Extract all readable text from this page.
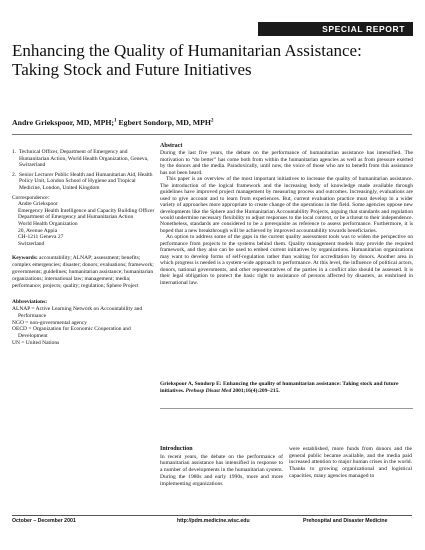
SPECIAL REPORT
Enhancing the Quality of Humanitarian Assistance: Taking Stock and Future Initiatives
Andre Griekspoor, MD, MPH;$^1$ Egbert Sondorp, MD, MPH$^2$
1. Technical Officer, Department of Emergency and Humanitarian Action, World Health Organization, Geneva, Switzerland
2. Senior Lecturer Public Health and Humanitarian Aid, Health Policy Unit, London School of Hygiene and Tropical Medicine, London, United Kingdom
Correspondence:
Andre Griekspoor
Emergency Health Intelligence and Capacity Building Officer
Department of Emergency and Humanitarian Action
World Health Organization
20, Avenue Appia
CH-1211 Geneva 27
Switzerland
Keywords: accountability; ALNAP; assessment; benefits; complex emergencies; disaster; donors; evaluations; framework; governments; guidelines; humanitarian assistance; humanitarian organizations; international law; management; media; performance; projects; quality; regulation; Sphere Project
Abbreviations:
ALNAP = Active Learning Network on Accountability and Performance
NGO = non-governmental agency
OECD = Organization for Economic Cooperation and Development
UN = United Nations
Abstract

During the last five years, the debate on the performance of humanitarian assistance has intensified. The motivation to “do better” has come both from within the humanitarian agencies as well as from pressure exerted by the donors and the media. Paradoxically, until now, the voice of those who are to benefit from this assistance has not been heard.

This paper is an overview of the most important initiatives to increase the quality of humanitarian assistance. The introduction of the logical framework and the increasing body of knowledge made available through guidelines have improved project management by measuring process and outcomes. Increasingly, evaluations are used to give account and to learn from experiences. But, current evaluation practice must develop in a wider variety of approaches more appropriate to create change of the operations in the field. Some agencies oppose new developments like the Sphere and the Humanitarian Accountability Projects, arguing that standards and regulation would undermine necessary flexibility to adjust responses to the local context, or be a threat to their independence. Nonetheless, standards are considered to be a prerequisite as reference to assess performance. Furthermore, it is hoped that a new breakthrough will be achieved by improved accountability towards beneficiaries.

An option to address some of the gaps in the current quality assessment tools was to widen the perspective on performance from projects to the systems behind them. Quality management models may provide the required framework, and they also can be used to embed current initiatives by organizations. Humanitarian organizations may want to develop forms of self-regulation rather than waiting for accreditation by donors. Another area in which progress is needed is a system-wide approach to performance. At this level, the influence of political actors, donors, national governments, and other representatives of the parties in a conflict also should be assessed. It is their legal obligation to protect the basic right to assistance of persons affected by disasters, as enshrined in international law.

Griekspoor A, Sondorp E: Enhancing the quality of humanitarian assistance: Taking stock and future initiatives. Prehosp Disast Med 2001;16(4):209–215.
Introduction

In recent years, the debate on the performance of humanitarian assistance has intensified in response to a number of developments in the humanitarian system. During the 1980s and early 1990s, more and more implementing organizations

were established, more funds from donors and the general public became available, and the media paid increased attention to major human crises in the world. Thanks to growing organizational and logistical capacities, many agencies managed to

October – December 2001	http://pdm.medicine.wisc.edu	Prehospital and Disaster Medicine
